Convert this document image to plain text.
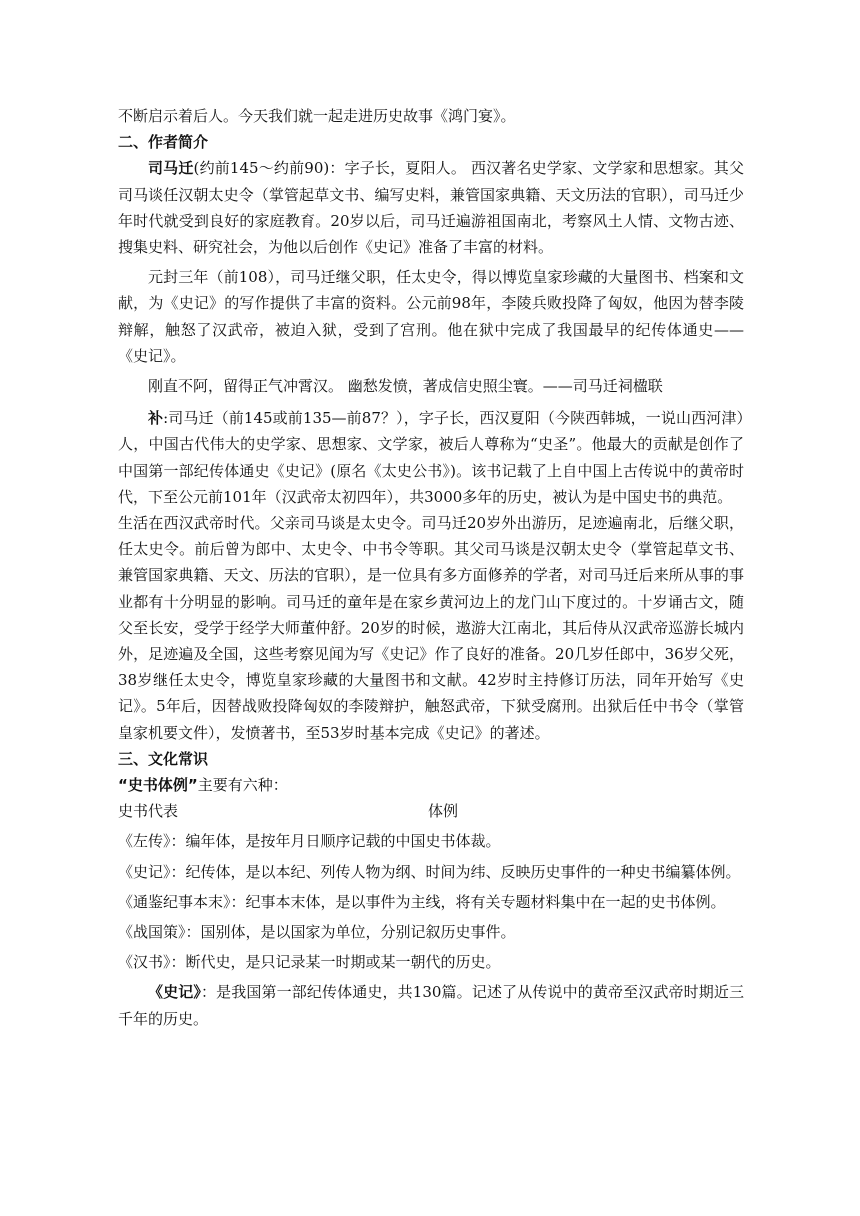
不断启示着后人。今天我们就一起走进历史故事《鸿门宴》。

二、作者简介

司马迁(约前145～约前90)：字子长，夏阳人。 西汉著名史学家、文学家和思想家。其父司马谈任汉朝太史令（掌管起草文书、编写史料，兼管国家典籍、天文历法的官职），司马迁少年时代就受到良好的家庭教育。20岁以后，司马迁遍游祖国南北，考察风土人情、文物古迹、搜集史料、研究社会，为他以后创作《史记》准备了丰富的材料。

元封三年（前108），司马迁继父职，任太史令，得以博览皇家珍藏的大量图书、档案和文献，为《史记》的写作提供了丰富的资料。公元前98年，李陵兵败投降了匈奴，他因为替李陵辩解，触怒了汉武帝，被迫入狱，受到了宫刑。他在狱中完成了我国最早的纪传体通史——《史记》。

刚直不阿，留得正气冲霄汉。 幽愁发愤，著成信史照尘寰。——司马迁祠楹联

补:司马迁（前145或前135—前87？），字子长，西汉夏阳（今陕西韩城，一说山西河津）人，中国古代伟大的史学家、思想家、文学家，被后人尊称为“史圣”。他最大的贡献是创作了中国第一部纪传体通史《史记》(原名《太史公书》)。该书记载了上自中国上古传说中的黄帝时代，下至公元前101年（汉武帝太初四年），共3000多年的历史，被认为是中国史书的典范。

生活在西汉武帝时代。父亲司马谈是太史令。司马迁20岁外出游历，足迹遍南北，后继父职，任太史令。前后曾为郎中、太史令、中书令等职。其父司马谈是汉朝太史令（掌管起草文书、兼管国家典籍、天文、历法的官职），是一位具有多方面修养的学者，对司马迁后来所从事的事业都有十分明显的影响。司马迁的童年是在家乡黄河边上的龙门山下度过的。十岁诵古文，随父至长安，受学于经学大师董仲舒。20岁的时候，遨游大江南北，其后侍从汉武帝巡游长城内外，足迹遍及全国，这些考察见闻为写《史记》作了良好的准备。20几岁任郎中，36岁父死，38岁继任太史令，博览皇家珍藏的大量图书和文献。42岁时主持修订历法，同年开始写《史记》。5年后，因替战败投降匈奴的李陵辩护，触怒武帝，下狱受腐刑。出狱后任中书令（掌管皇家机要文件），发愤著书，至53岁时基本完成《史记》的著述。

三、文化常识

“史书体例”主要有六种：

史书代表	体例

《左传》：编年体，是按年月日顺序记载的中国史书体裁。

《史记》：纪传体，是以本纪、列传人物为纲、时间为纬、反映历史事件的一种史书编纂体例。

《通鉴纪事本末》：纪事本末体，是以事件为主线，将有关专题材料集中在一起的史书体例。

《战国策》：国别体，是以国家为单位，分别记叙历史事件。

《汉书》：断代史，是只记录某一时期或某一朝代的历史。

《史记》：是我国第一部纪传体通史，共130篇。记述了从传说中的黄帝至汉武帝时期近三千年的历史。
